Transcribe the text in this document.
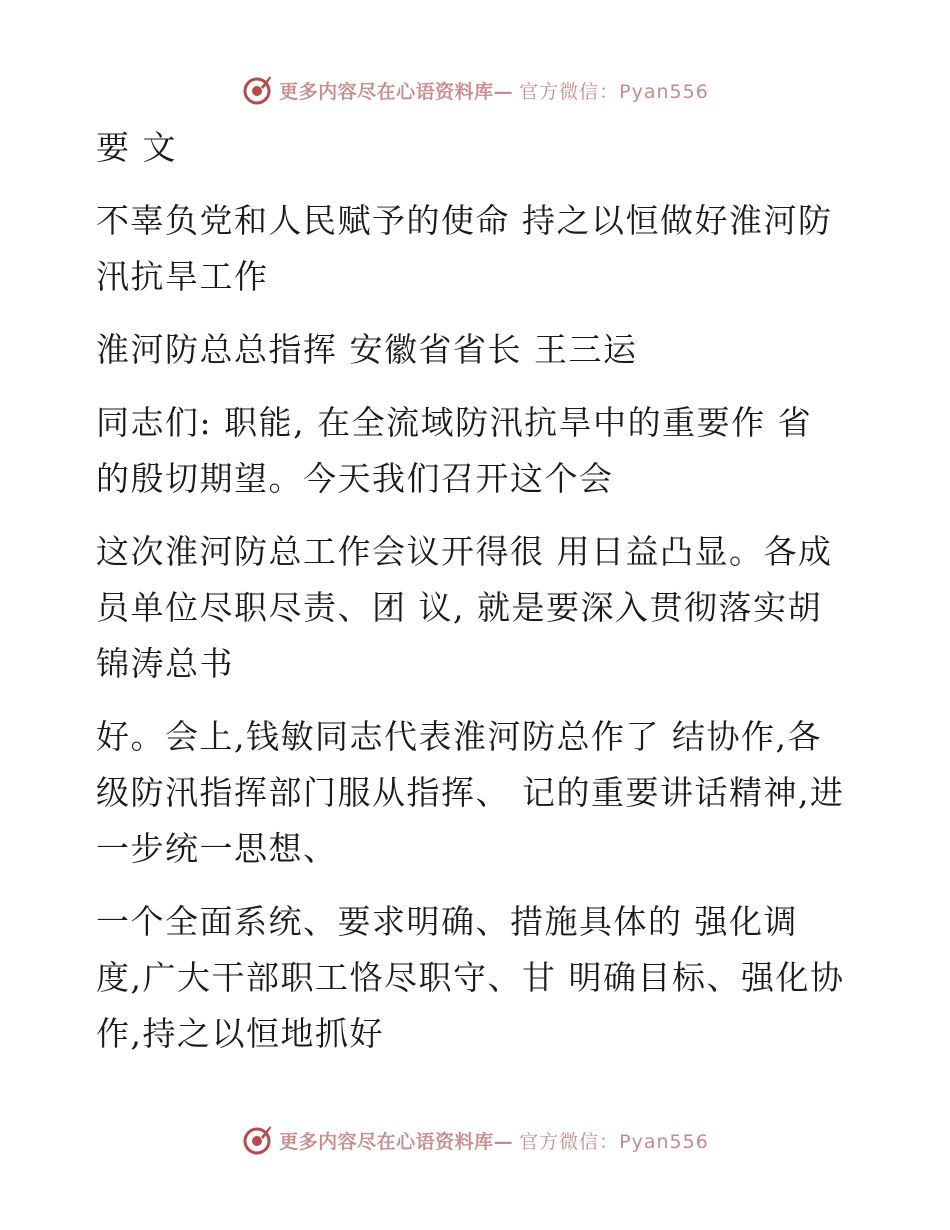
更多内容尽在心语资料库— 官方微信：Pyan556
要 文
不辜负党和人民赋予的使命 持之以恒做好淮河防
汛抗旱工作
淮河防总总指挥 安徽省省长 王三运
同志们: 职能, 在全流域防汛抗旱中的重要作 省
的殷切期望。今天我们召开这个会
这次淮河防总工作会议开得很 用日益凸显。各成
员单位尽职尽责、团 议, 就是要深入贯彻落实胡
锦涛总书
好。会上,钱敏同志代表淮河防总作了 结协作,各
级防汛指挥部门服从指挥、 记的重要讲话精神,进
一步统一思想、
一个全面系统、要求明确、措施具体的 强化调
度,广大干部职工恪尽职守、甘 明确目标、强化协
作,持之以恒地抓好
更多内容尽在心语资料库— 官方微信：Pyan556
